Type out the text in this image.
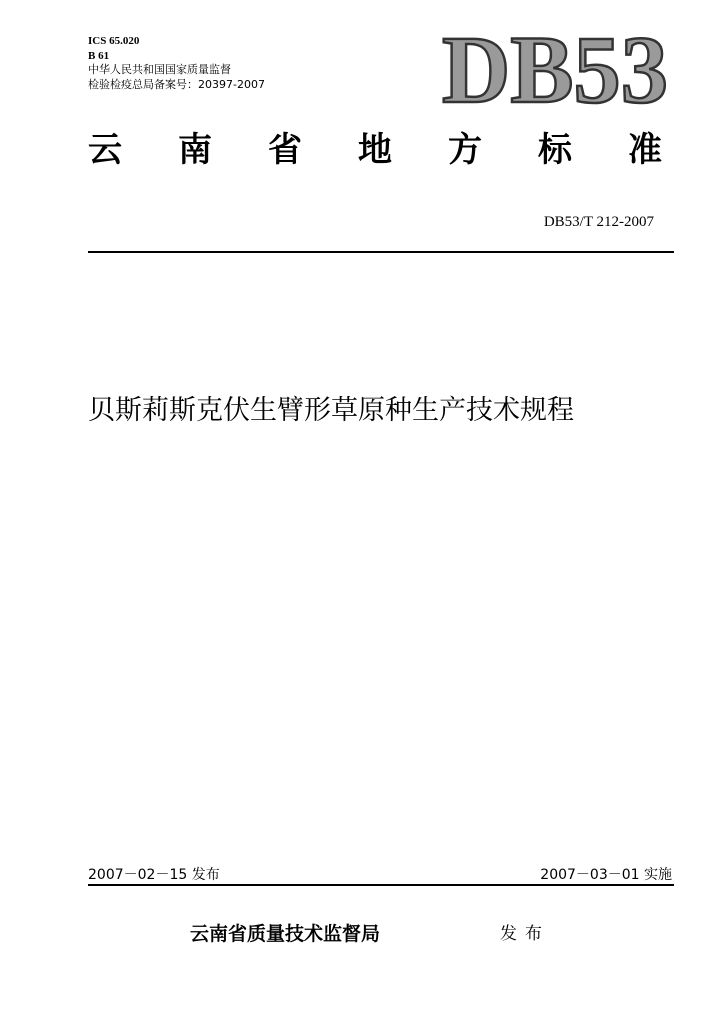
ICS 65.020
B 61
中华人民共和国国家质量监督
检验检疫总局备案号：20397-2007 DB53
云 南 省 地 方 标 准
DB53/T 212-2007
贝斯莉斯克伏生臂形草原种生产技术规程
2007－02－15 发布	2007－03－01 实施
云南省质量技术监督局	发布
